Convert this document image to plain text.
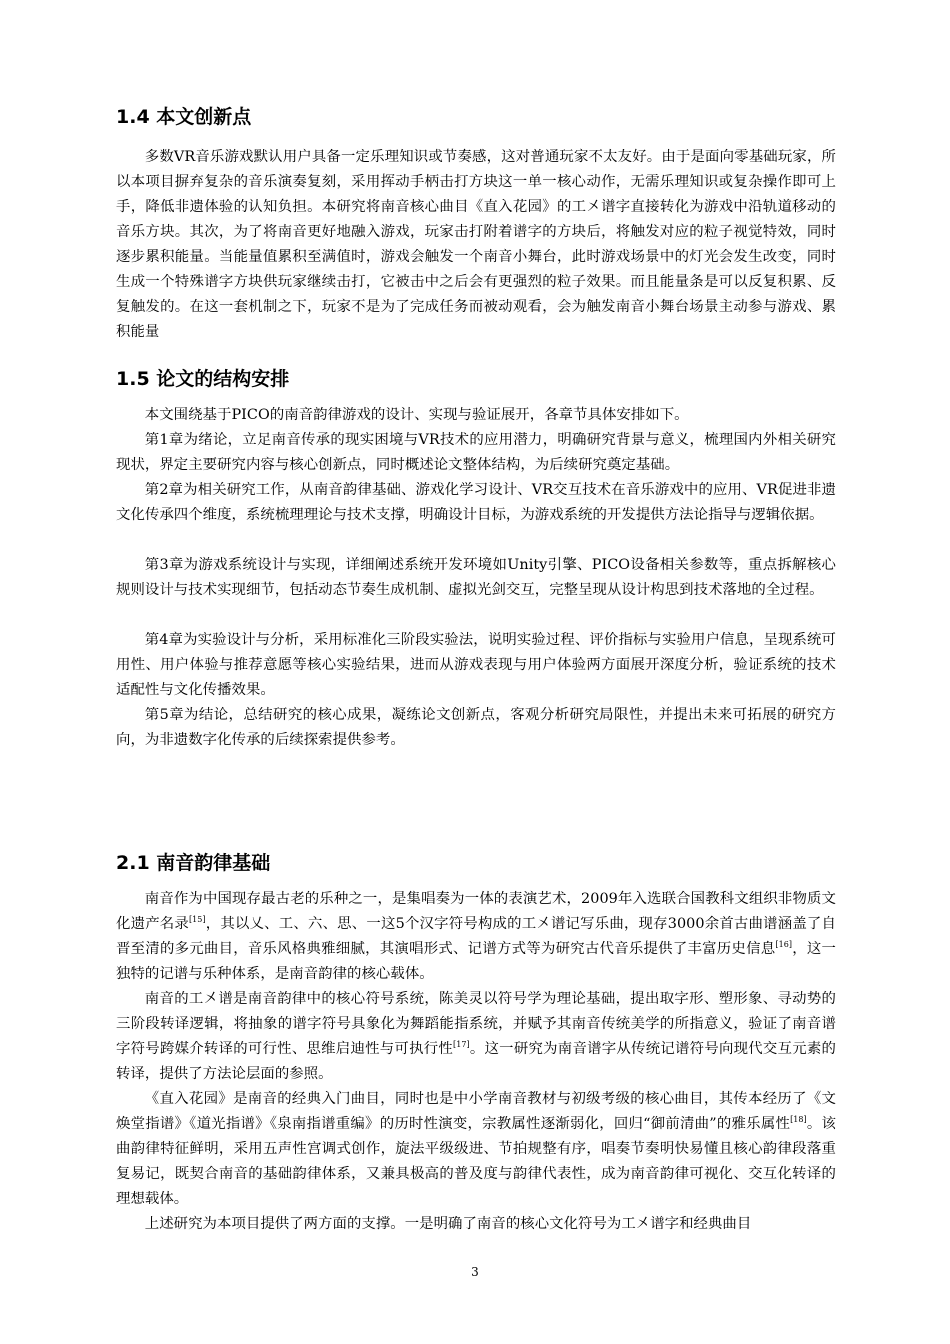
1.4 本文创新点

多数VR音乐游戏默认用户具备一定乐理知识或节奏感，这对普通玩家不太友好。由于是面向零基础玩家，所以本项目摒弃复杂的音乐演奏复刻，采用挥动手柄击打方块这一单一核心动作，无需乐理知识或复杂操作即可上手，降低非遗体验的认知负担。本研究将南音核心曲目《直入花园》的工㐅谱字直接转化为游戏中沿轨道移动的音乐方块。其次，为了将南音更好地融入游戏，玩家击打附着谱字的方块后，将触发对应的粒子视觉特效，同时逐步累积能量。当能量值累积至满值时，游戏会触发一个南音小舞台，此时游戏场景中的灯光会发生改变，同时生成一个特殊谱字方块供玩家继续击打，它被击中之后会有更强烈的粒子效果。而且能量条是可以反复积累、反复触发的。在这一套机制之下，玩家不是为了完成任务而被动观看，会为触发南音小舞台场景主动参与游戏、累积能量

1.5 论文的结构安排

本文围绕基于PICO的南音韵律游戏的设计、实现与验证展开，各章节具体安排如下。

第1章为绪论，立足南音传承的现实困境与VR技术的应用潜力，明确研究背景与意义，梳理国内外相关研究现状，界定主要研究内容与核心创新点，同时概述论文整体结构，为后续研究奠定基础。

第2章为相关研究工作，从南音韵律基础、游戏化学习设计、VR交互技术在音乐游戏中的应用、VR促进非遗文化传承四个维度，系统梳理理论与技术支撑，明确设计目标，为游戏系统的开发提供方法论指导与逻辑依据。

第3章为游戏系统设计与实现，详细阐述系统开发环境如Unity引擎、PICO设备相关参数等，重点拆解核心规则设计与技术实现细节，包括动态节奏生成机制、虚拟光剑交互，完整呈现从设计构思到技术落地的全过程。

第4章为实验设计与分析，采用标准化三阶段实验法，说明实验过程、评价指标与实验用户信息，呈现系统可用性、用户体验与推荐意愿等核心实验结果，进而从游戏表现与用户体验两方面展开深度分析，验证系统的技术适配性与文化传播效果。

第5章为结论，总结研究的核心成果，凝练论文创新点，客观分析研究局限性，并提出未来可拓展的研究方向，为非遗数字化传承的后续探索提供参考。

2.1 南音韵律基础

南音作为中国现存最古老的乐种之一，是集唱奏为一体的表演艺术，2009年入选联合国教科文组织非物质文化遗产名录[15]，其以乂、工、六、思、一这5个汉字符号构成的工㐅谱记写乐曲，现存3000余首古曲谱涵盖了自晋至清的多元曲目，音乐风格典雅细腻，其演唱形式、记谱方式等为研究古代音乐提供了丰富历史信息[16]，这一独特的记谱与乐种体系，是南音韵律的核心载体。

南音的工㐅谱是南音韵律中的核心符号系统，陈美灵以符号学为理论基础，提出取字形、塑形象、寻动势的三阶段转译逻辑，将抽象的谱字符号具象化为舞蹈能指系统，并赋予其南音传统美学的所指意义，验证了南音谱字符号跨媒介转译的可行性、思维启迪性与可执行性[17]。这一研究为南音谱字从传统记谱符号向现代交互元素的转译，提供了方法论层面的参照。

《直入花园》是南音的经典入门曲目，同时也是中小学南音教材与初级考级的核心曲目，其传本经历了《文焕堂指谱》《道光指谱》《泉南指谱重编》的历时性演变，宗教属性逐渐弱化，回归“御前清曲”的雅乐属性[18]。该曲韵律特征鲜明，采用五声性宫调式创作，旋法平级级进、节拍规整有序，唱奏节奏明快易懂且核心韵律段落重复易记，既契合南音的基础韵律体系，又兼具极高的普及度与韵律代表性，成为南音韵律可视化、交互化转译的理想载体。

上述研究为本项目提供了两方面的支撑。一是明确了南音的核心文化符号为工㐅谱字和经典曲目

3
